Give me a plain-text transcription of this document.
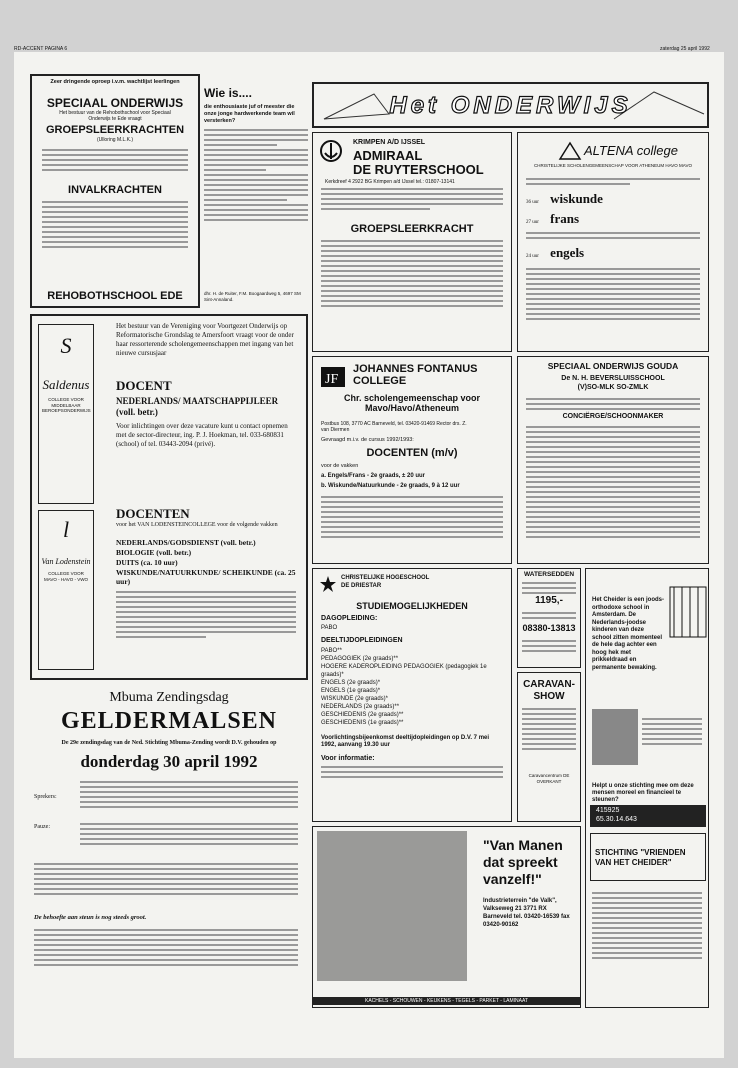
RD-ACCENT PAGINA 6	zaterdag 25 april 1992
Zeer dringende oproep i.v.m. wachtlijst leerlingen
SPECIAAL ONDERWIJS
Het bestuur van de Rehobothschool voor Speciaal Onderwijs te Ede vraagt
GROEPSLEERKRACHTEN
(Ulloring M.L.K.)
INVALKRACHTEN
REHOBOTHSCHOOL EDE
Wie is....
die enthousiaste juf of meester die onze jonge hardwerkende team wil versterken?
dhr. H. de Ruiter, F.M. Boogaardweg 5, 4697 SM Sint-Annaland.
Het ONDERWIJS
KRIMPEN A/D IJSSEL
ADMIRAAL
DE RUYTERSCHOOL
Kerkdreef 4 2922 BG Krimpen a/d IJssel tel.: 01807-13141
GROEPSLEERKRACHT
ALTENA college
CHRISTELIJKE SCHOLENGEMEENSCHAP VOOR ATHENEUM HAVO MAVO
36 uur wiskunde
27 uur frans
24 uur engels
S
Saldenus
COLLEGE VOOR MIDDELBAAR BEROEPSONDERWIJS
Het bestuur van de Vereniging voor Voortgezet Onderwijs op Reformatorische Grondslag te Amersfoort vraagt voor de onder haar ressorterende scholengemeenschappen met ingang van het nieuwe cursusjaar
DOCENT
NEDERLANDS/ MAATSCHAPPIJLEER (voll. betr.)
Voor inlichtingen over deze vacature kunt u contact opnemen met de sector-directeur, ing. P. J. Hoekman, tel. 033-680831 (school) of tel. 03443-2094 (privé).
l
Van Lodenstein
COLLEGE VOOR MAVO - HAVO - VWO
DOCENTEN
voor het VAN LODENSTEINCOLLEGE voor de volgende vakken
NEDERLANDS/GODSDIENST (voll. betr.)
BIOLOGIE (voll. betr.)
DUITS (ca. 10 uur)
WISKUNDE/NATUURKUNDE/ SCHEIKUNDE (ca. 25 uur)
JF
JOHANNES FONTANUS
COLLEGE
Chr. scholengemeenschap voor Mavo/Havo/Atheneum
Postbus 108, 3770 AC Barneveld, tel. 03420-91469 Rector drs. Z. van Diermen
Gevraagd m.i.v. de cursus 1992/1993:
DOCENTEN (m/v)
voor de vakken
a. Engels/Frans - 2e graads, ± 20 uur
b. Wiskunde/Natuurkunde - 2e graads, 9 à 12 uur
SPECIAAL ONDERWIJS GOUDA
De N. H. BEVERSLUISSCHOOL
(V)SO-MLK SO-ZMLK
CONCIËRGE/SCHOONMAKER
Mbuma Zendingsdag
GELDERMALSEN
De 29e zendingsdag van de Ned. Stichting Mbuma-Zending wordt D.V. gehouden op
donderdag 30 april 1992
Sprekers:
Pauze:
De behoefte aan steun is nog steeds groot.
CHRISTELIJKE HOGESCHOOL
DE DRIESTAR
STUDIEMOGELIJKHEDEN
DAGOPLEIDING:
PABO
DEELTIJDOPLEIDINGEN
PABO**
PEDAGOGIEK (2e graads)**
HOGERE KADEROPLEIDING PEDAGOGIEK (pedagogiek 1e graads)*
ENGELS (2e graads)*
ENGELS (1e graads)*
WISKUNDE (2e graads)*
NEDERLANDS (2e graads)**
GESCHIEDENIS (2e graads)**
GESCHIEDENIS (1e graads)**
Voorlichtingsbijeenkomst deeltijdopleidingen op D.V. 7 mei 1992, aanvang 19.30 uur
Voor informatie:
WATERSEDDEN
1195,-
08380-13813
CARAVAN-
SHOW
Caravancentrum DE OVERKANT
Het Cheider is een joods-orthodoxe school in Amsterdam. De Nederlands-joodse kinderen van deze school zitten momenteel de hele dag achter een hoog hek met prikkeldraad en permanente bewaking.
Helpt u onze stichting mee om deze mensen moreel en financieel te steunen?
415925
65.30.14.643
STICHTING "VRIENDEN VAN HET CHEIDER"
"Van Manen
dat spreekt
vanzelf!"
Industrieterrein "de Valk", Valkseweg 21 3771 RX Barneveld tel. 03420-16539 fax 03420-90162
KACHELS - SCHOUWEN - KEUKENS - TEGELS - PARKET - LAMINAAT
